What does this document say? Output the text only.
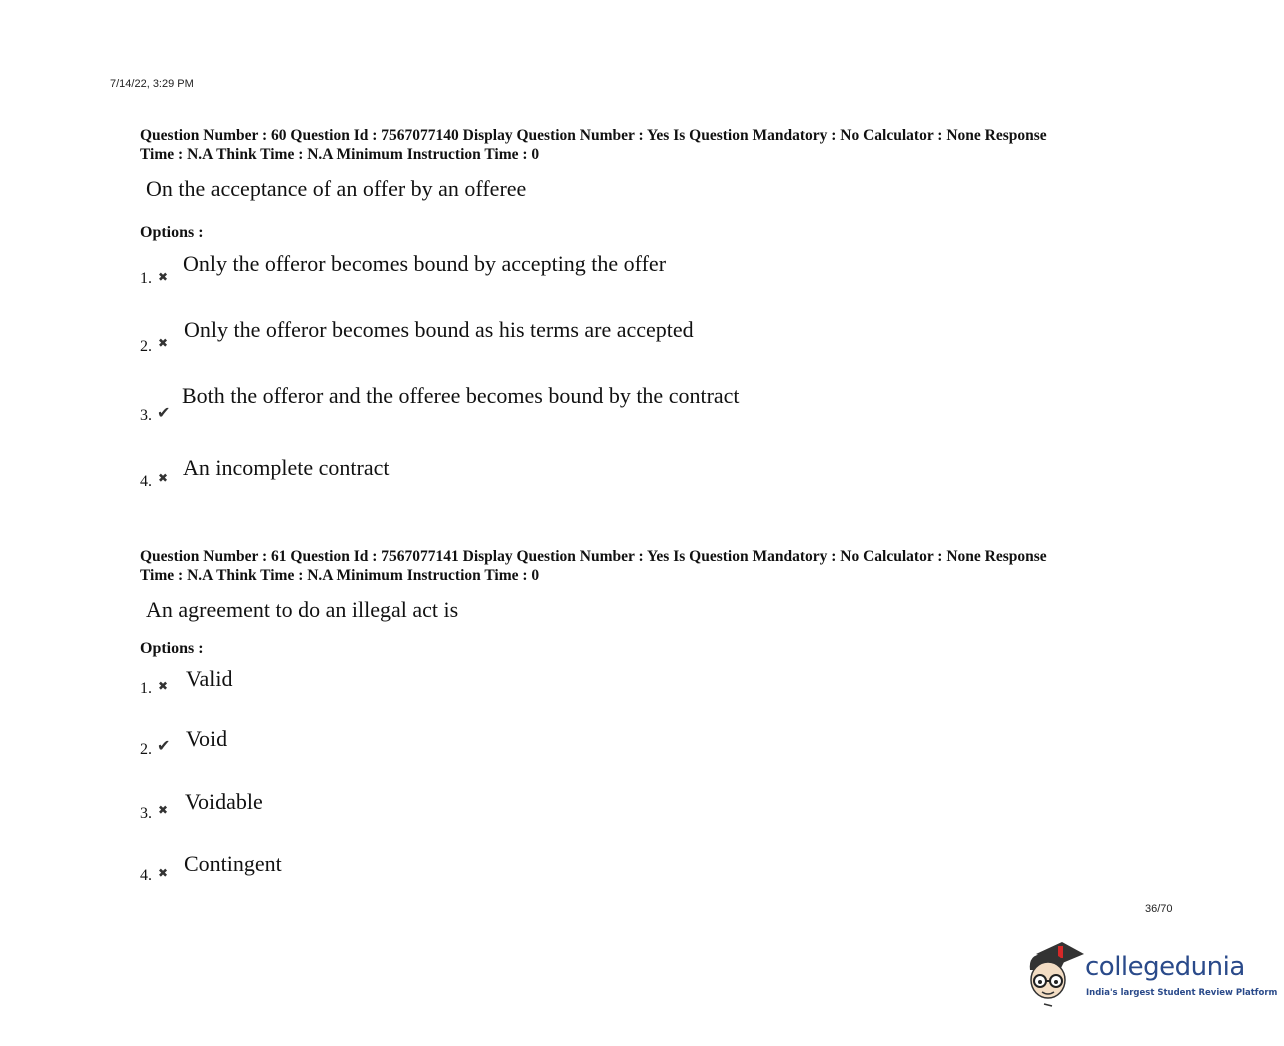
7/14/22, 3:29 PM
Question Number : 60 Question Id : 7567077140 Display Question Number : Yes Is Question Mandatory : No Calculator : None Response
Time : N.A Think Time : N.A Minimum Instruction Time : 0
On the acceptance of an offer by an offeree
Options :
1. ✖
Only the offeror becomes bound by accepting the offer
2. ✖
Only the offeror becomes bound as his terms are accepted
3. ✔
Both the offeror and the offeree becomes bound by the contract
4. ✖ An incomplete contract
Question Number : 61 Question Id : 7567077141 Display Question Number : Yes Is Question Mandatory : No Calculator : None Response
Time : N.A Think Time : N.A Minimum Instruction Time : 0
An agreement to do an illegal act is
Options :
1. ✖ Valid
2. ✔ Void
3. ✖ Voidable
4. ✖ Contingent
36/70
collegedunia
India's largest Student Review Platform
